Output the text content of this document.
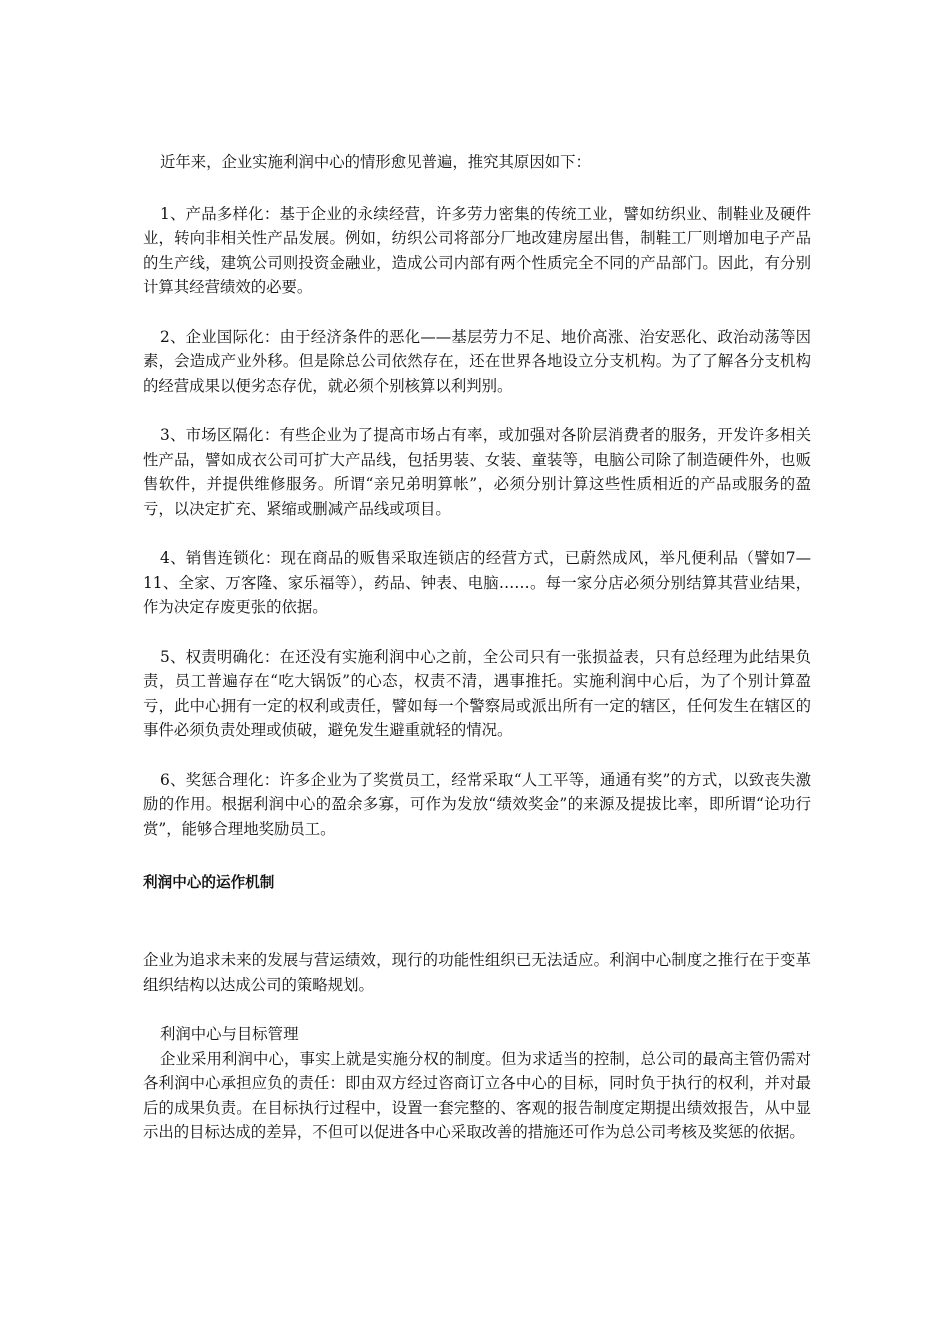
近年来，企业实施利润中心的情形愈见普遍，推究其原因如下：

1、产品多样化：基于企业的永续经营，许多劳力密集的传统工业，譬如纺织业、制鞋业及硬件业，转向非相关性产品发展。例如，纺织公司将部分厂地改建房屋出售，制鞋工厂则增加电子产品的生产线，建筑公司则投资金融业，造成公司内部有两个性质完全不同的产品部门。因此，有分别计算其经营绩效的必要。

2、企业国际化：由于经济条件的恶化——基层劳力不足、地价高涨、治安恶化、政治动荡等因素，会造成产业外移。但是除总公司依然存在，还在世界各地设立分支机构。为了了解各分支机构的经营成果以便劣态存优，就必须个别核算以利判别。

3、市场区隔化：有些企业为了提高市场占有率，或加强对各阶层消费者的服务，开发许多相关性产品，譬如成衣公司可扩大产品线，包括男装、女装、童装等，电脑公司除了制造硬件外，也贩售软件，并提供维修服务。所谓“亲兄弟明算帐”，必须分别计算这些性质相近的产品或服务的盈亏，以决定扩充、紧缩或删减产品线或项目。

4、销售连锁化：现在商品的贩售采取连锁店的经营方式，已蔚然成风，举凡便利品（譬如7—11、全家、万客隆、家乐福等），药品、钟表、电脑……。每一家分店必须分别结算其营业结果，作为决定存废更张的依据。

5、权责明确化：在还没有实施利润中心之前，全公司只有一张损益表，只有总经理为此结果负责，员工普遍存在“吃大锅饭”的心态，权责不清，遇事推托。实施利润中心后，为了个别计算盈亏，此中心拥有一定的权利或责任，譬如每一个警察局或派出所有一定的辖区，任何发生在辖区的事件必须负责处理或侦破，避免发生避重就轻的情况。

6、奖惩合理化：许多企业为了奖赏员工，经常采取“人工平等，通通有奖”的方式，以致丧失激励的作用。根据利润中心的盈余多寡，可作为发放“绩效奖金”的来源及提拔比率，即所谓“论功行赏”，能够合理地奖励员工。

利润中心的运作机制

企业为追求未来的发展与营运绩效，现行的功能性组织已无法适应。利润中心制度之推行在于变革组织结构以达成公司的策略规划。

利润中心与目标管理

企业采用利润中心，事实上就是实施分权的制度。但为求适当的控制，总公司的最高主管仍需对各利润中心承担应负的责任：即由双方经过咨商订立各中心的目标，同时负于执行的权利，并对最后的成果负责。在目标执行过程中，设置一套完整的、客观的报告制度定期提出绩效报告，从中显示出的目标达成的差异，不但可以促进各中心采取改善的措施还可作为总公司考核及奖惩的依据。
